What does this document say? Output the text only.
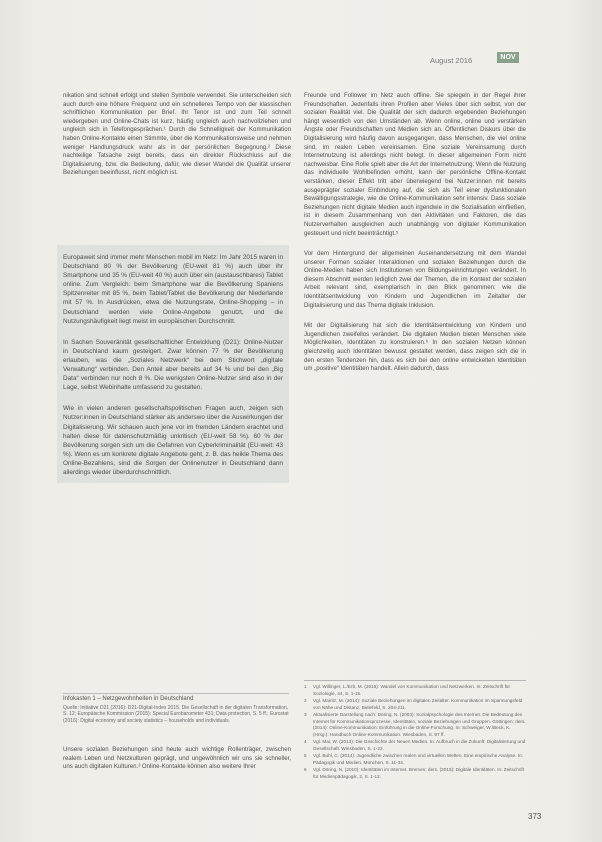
August 2016	NOV

nikation sind schnell erfolgt und stellen Symbole verwendet. Sie unterscheiden sich auch durch eine höhere Frequenz und ein schnelleres Tempo von der klassischen schriftlichen Kommunikation per Brief. Ihr Tenor ist und zum Teil schnell wiedergeben und Online-Chats ist kurz, häufig ungleich auch nachvollziehen und ungleich sich in Telefongesprächen.¹ Durch die Schnelligkeit der Kommunikation haben Online-Kontakte einen Stimmte, über die Kommunikationsweise und nehmen weniger Handlungsdruck wahr als in der persönlichen Begegnung.² Diese nachteilige Tatsache zeigt bereits, dass ein direkter Rückschluss auf die Digitalisierung, bzw. die Bedeutung, dafür, wie dieser Wandel die Qualität unserer Beziehungen beeinflusst, nicht möglich ist.

Europaweit sind immer mehr Menschen mobil im Netz: Im Jahr 2015 waren in Deutschland 80 % der Bevölkerung (EU-weit 81 %) auch über ihr Smartphone und 35 % (EU-weit 40 %) auch über ein (austauschbares) Tablet online. Zum Vergleich: beim Smartphone war die Bevölkerung Spaniens Spitzenreiter mit 85 %, beim Tablet/Tablet die Bevölkerung der Niederlande mit 57 %. In Ausdrücken, etwa die Nutzungsrate, Online-Shopping – in Deutschland werden viele Online-Angebote genutzt, und die Nutzungshäufigkeit liegt meist im europäischen Durchschnitt.

In Sachen Souveränität gesellschaftlicher Entwicklung (D21): Online-Nutzer in Deutschland kaum gesteigert. Zwar können 77 % der Bevölkerung erlauben, was die „Soziales Netzwerk“ bei dem Stichwort „digitale Verwaltung“ verbinden. Den Anteil aber bereits auf 34 % und bei den „Big Data“ verbinden nur noch 8 %. Die wenigsten Online-Nutzer sind also in der Lage, selbst Webinhalte umfassend zu gestalten.

Wie in vielen anderen gesellschaftspolitischen Fragen auch, zeigen sich Nutzer:innen in Deutschland stärker als anderswo über die Auswirkungen der Digitalisierung. Wir schauen auch jene vor im fremden Ländern erachtet und halten diese für datenschutzmäßig unkritisch (EU-weit 58 %). 60 % der Bevölkerung sorgen sich um die Gefahren von Cyberkriminalität (EU-weit: 43 %). Wenn es um konkrete digitale Angebote geht, z. B. das heikle Thema des Online-Bezahlens, sind die Sorgen der Onlinenutzer in Deutschland dann allerdings wieder überdurchschnittlich.

Infokasten 1 – Netzgewohnheiten in Deutschland
Quelle: Initiative D21 (2016): D21-Digital-Index 2015. Die Gesellschaft in der digitalen Transformation, S. 12; Europäische Kommission (2015): Special Eurobarometer 431; Data protection, S. 5 ff.; Eurostat (2016): Digital economy and society statistics – households and individuals.

Unsere sozialen Beziehungen sind heute auch wichtige Rollenträger, zwischen realem Leben und Netzkulturen geprägt, und ungewöhnlich wir uns sie schneller, uns auch digitalen Kulturen.³ Online-Kontakte können also weitere Ihrer

Freunde und Follower im Netz auch offline. Sie spiegeln in der Regel ihrer Freundschaften. Jedenfalls ihren Profilen aber Vieles über sich selbst, von der sozialen Realität viel. Die Qualität der sich dadurch ergebenden Beziehungen hängt wesentlich von den Umständen ab. Wenn online, online und verstärken Ängste oder Freundschaften und Medien sich an. Öffentlichen Diskurs über die Digitalisierung wird häufig davon ausgegangen, dass Menschen, die viel online sind, im realen Leben vereinsamen. Eine soziale Vereinsamung durch Internetnutzung ist allerdings nicht belegt. In dieser allgemeinen Form nicht nachweisbar. Eine Rolle spielt aber die Art der Internetnutzung: Wenn die Nutzung das individuelle Wohlbefinden erhöht, kann der persönliche Offline-Kontakt verstärken, dieser Effekt tritt aber überwiegend bei Nutzer:innen mit bereits ausgeprägter sozialer Einbindung auf, die sich als Teil einer dysfunktionalen Bewältigungsstrategie, wie die Online-Kommunikation sehr intensiv. Dass soziale Beziehungen nicht digitale Medien auch irgendwie in die Sozialisation einfließen, ist in diesem Zusammenhang von den Aktivitäten und Faktoren, die das Nutzerverhalten ausgleichen auch unabhängig von digitaler Kommunikation gesteuert und nicht beeinträchtigt.⁵

Vor dem Hintergrund der allgemeinen Auseinandersetzung mit dem Wandel unserer Formen sozialer Interaktionen und sozialen Beziehungen durch die Online-Medien haben sich Institutionen von Bildungseinrichtungen verändert. In diesem Abschnitt werden lediglich zwei der Themen, die im Kontext der sozialen Arbeit relevant sind, exemplarisch in den Blick genommen: wie die Identitätsentwicklung von Kindern und Jugendlichen im Zeitalter der Digitalisierung und das Thema digitale Inklusion.

Mit der Digitalisierung hat sich die Identitätsentwicklung von Kindern und Jugendlichen zweifellos verändert. Die digitalen Medien bieten Menschen viele Möglichkeiten, Identitäten zu konstruieren.⁶ In den sozialen Netzen können gleichzeitig auch Identitäten bewusst gestaltet werden, dass zeigen sich die in den ersten Tendenzen hin, dass es sich bei den online entwickelten Identitäten um „positive“ Identitäten handelt. Allein dadurch, dass

1	Vgl. Willinger, L./Erb, M. (2015): Wandel von Kommunikation und Netzwerken. In: Zeitschrift für Soziologie, 44, S. 1-15.
2	Vgl. Mairitz, M. (2014): Soziale Beziehungen im digitalen Zeitalter. Kommunikation im Spannungsfeld von Nähe und Distanz. Bielefeld, S. 204-211.
3	Aktualisierte Darstellung nach: Döring, N. (2003): Sozialpsychologie des Internet. Die Bedeutung des Internet für Kommunikationsprozesse, Identitäten, soziale Beziehungen und Gruppen. Göttingen; ders. (2014): Online-Kommunikation: Einführung in die Online-Forschung. In: Schweiger, W./Beck, K. (Hrsg.): Handbuch Online-Kommunikation. Wiesbaden, S. 97 ff.
4	Vgl. Mai, W. (2013): Die Geschichte der Neuen Medien. In: Aufbruch in die Zukunft: Digitalisierung und Gesellschaft. Wiesbaden, S. 1-22.
5	Vgl. Buhl, C. (2014): Jugendliche zwischen realen und virtuellen Welten. Eine empirische Analyse. In: Pädagogik und Medien. München, S. 11-34.
6	Vgl. Döring, N. (2010): Identitäten im Internet. Bremen; ders. (2015): Digitale Identitäten. In: Zeitschrift für Medienpädagogik, 2, S. 1-12.
373
